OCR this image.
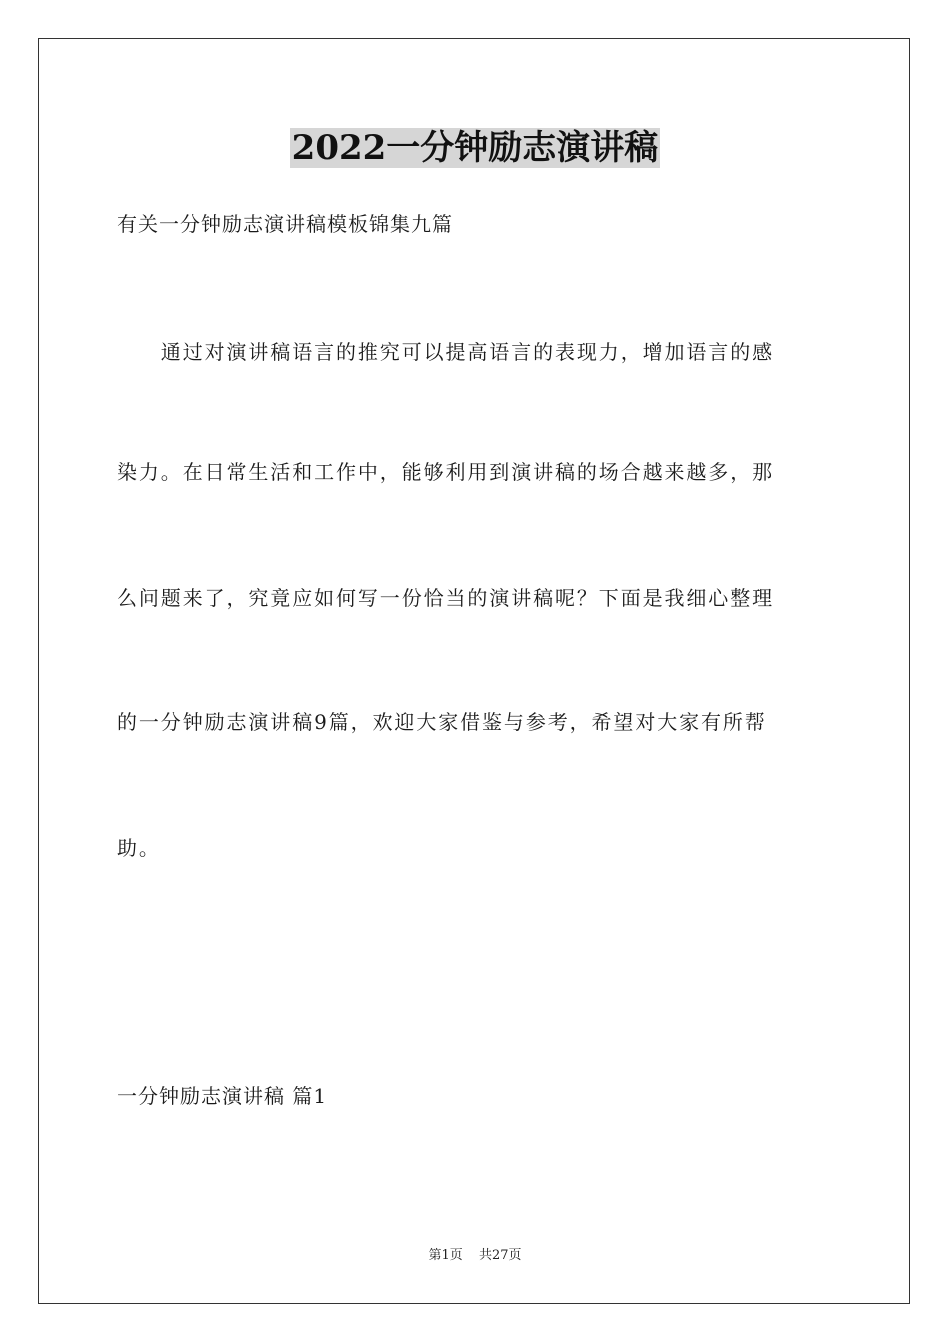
2022一分钟励志演讲稿
有关一分钟励志演讲稿模板锦集九篇
　　通过对演讲稿语言的推究可以提高语言的表现力，增加语言的感
染力。在日常生活和工作中，能够利用到演讲稿的场合越来越多，那
么问题来了，究竟应如何写一份恰当的演讲稿呢？下面是我细心整理
的一分钟励志演讲稿9篇，欢迎大家借鉴与参考，希望对大家有所帮
助。
一分钟励志演讲稿 篇1
第1页 共27页
